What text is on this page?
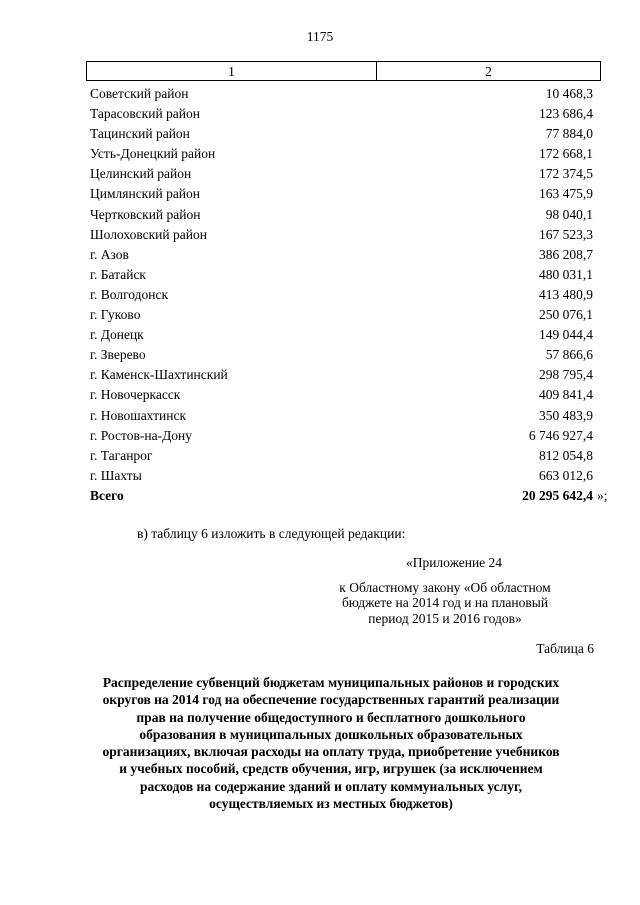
1175
1	2
Советский район	10 468,3
Тарасовский район	123 686,4
Тацинский район	77 884,0
Усть-Донецкий район	172 668,1
Целинский район	172 374,5
Цимлянский район	163 475,9
Чертковский район	98 040,1
Шолоховский район	167 523,3
г. Азов	386 208,7
г. Батайск	480 031,1
г. Волгодонск	413 480,9
г. Гуково	250 076,1
г. Донецк	149 044,4
г. Зверево	57 866,6
г. Каменск-Шахтинский	298 795,4
г. Новочеркасск	409 841,4
г. Новошахтинск	350 483,9
г. Ростов-на-Дону	6 746 927,4
г. Таганрог	812 054,8
г. Шахты	663 012,6
Всего	20 295 642,4 »;
в) таблицу 6 изложить в следующей редакции:
«Приложение 24
к Областному закону «Об областном
бюджете на 2014 год и на плановый
период 2015 и 2016 годов»
Таблица 6
Распределение субвенций бюджетам муниципальных районов и городских
округов на 2014 год на обеспечение государственных гарантий реализации
прав на получение общедоступного и бесплатного дошкольного
образования в муниципальных дошкольных образовательных
организациях, включая расходы на оплату труда, приобретение учебников
и учебных пособий, средств обучения, игр, игрушек (за исключением
расходов на содержание зданий и оплату коммунальных услуг,
осуществляемых из местных бюджетов)
